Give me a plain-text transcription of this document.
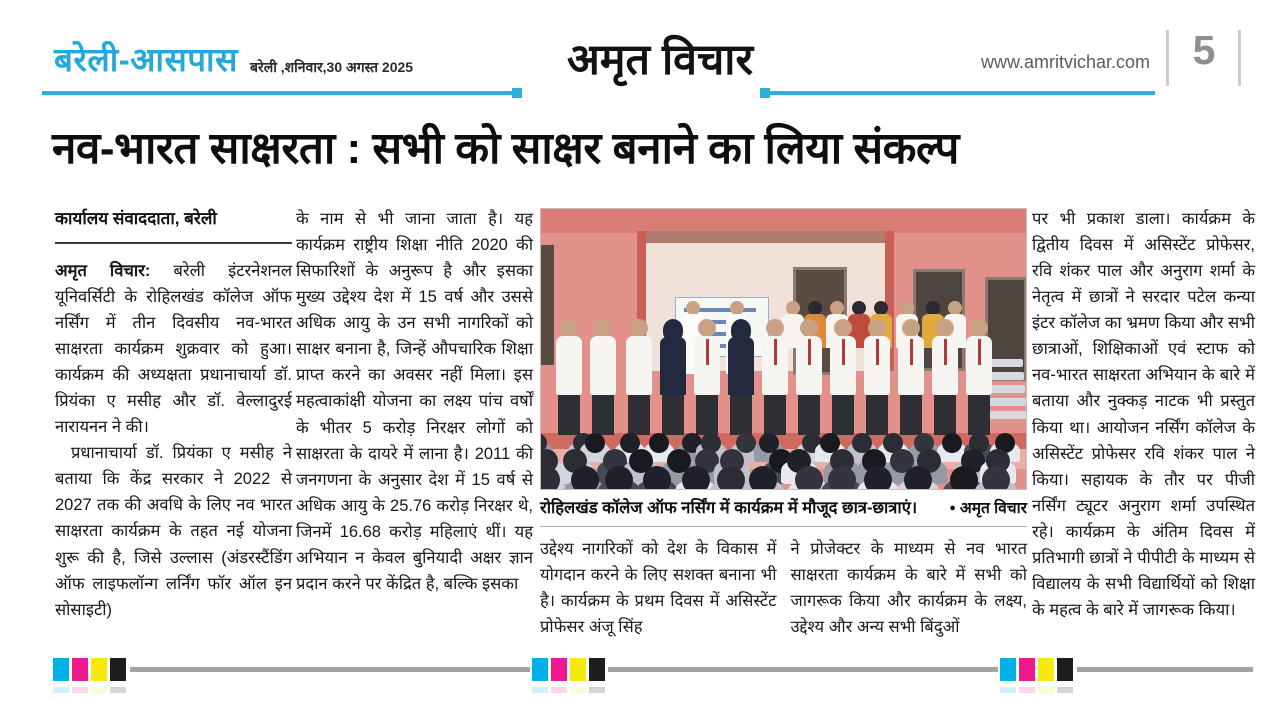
बरेली-आसपास बरेली ,शनिवार,30 अगस्त 2025	अमृत विचार	www.amritvichar.com	5
नव-भारत साक्षरता : सभी को साक्षर बनाने का लिया संकल्प
कार्यालय संवाददाता, बरेली

अमृत विचार: बरेली इंटरनेशनल यूनिवर्सिटी के रोहिलखंड कॉलेज ऑफ नर्सिंग में तीन दिवसीय नव-भारत साक्षरता कार्यक्रम शुक्रवार को हुआ। कार्यक्रम की अध्यक्षता प्रधानाचार्या डॉ. प्रियंका ए मसीह और डॉ. वेल्लादुरई नारायनन ने की।

प्रधानाचार्या डॉ. प्रियंका ए मसीह ने बताया कि केंद्र सरकार ने 2022 से 2027 तक की अवधि के लिए नव भारत साक्षरता कार्यक्रम के तहत नई योजना शुरू की है, जिसे उल्लास (अंडरस्टैंडिंग ऑफ लाइफलॉन्ग लर्निंग फॉर ऑल इन सोसाइटी)

के नाम से भी जाना जाता है। यह कार्यक्रम राष्ट्रीय शिक्षा नीति 2020 की सिफारिशों के अनुरूप है और इसका मुख्य उद्देश्य देश में 15 वर्ष और उससे अधिक आयु के उन सभी नागरिकों को साक्षर बनाना है, जिन्हें औपचारिक शिक्षा प्राप्त करने का अवसर नहीं मिला। इस महत्वाकांक्षी योजना का लक्ष्य पांच वर्षों के भीतर 5 करोड़ निरक्षर लोगों को साक्षरता के दायरे में लाना है। 2011 की जनगणना के अनुसार देश में 15 वर्ष से अधिक आयु के 25.76 करोड़ निरक्षर थे, जिनमें 16.68 करोड़ महिलाएं थीं। यह अभियान न केवल बुनियादी अक्षर ज्ञान प्रदान करने पर केंद्रित है, बल्कि इसका

रोहिलखंड कॉलेज ऑफ नर्सिंग में कार्यक्रम में मौजूद छात्र-छात्राएं।	● अमृत विचार

उद्देश्य नागरिकों को देश के विकास में योगदान करने के लिए सशक्त बनाना भी है। कार्यक्रम के प्रथम दिवस में असिस्टेंट प्रोफेसर अंजू सिंह

ने प्रोजेक्टर के माध्यम से नव भारत साक्षरता कार्यक्रम के बारे में सभी को जागरूक किया और कार्यक्रम के लक्ष्य, उद्देश्य और अन्य सभी बिंदुओं

पर भी प्रकाश डाला। कार्यक्रम के द्वितीय दिवस में असिस्टेंट प्रोफेसर, रवि शंकर पाल और अनुराग शर्मा के नेतृत्व में छात्रों ने सरदार पटेल कन्या इंटर कॉलेज का भ्रमण किया और सभी छात्राओं, शिक्षिकाओं एवं स्टाफ को नव-भारत साक्षरता अभियान के बारे में बताया और नुक्कड़ नाटक भी प्रस्तुत किया था। आयोजन नर्सिंग कॉलेज के असिस्टेंट प्रोफेसर रवि शंकर पाल ने किया। सहायक के तौर पर पीजी नर्सिंग ट्यूटर अनुराग शर्मा उपस्थित रहे। कार्यक्रम के अंतिम दिवस में प्रतिभागी छात्रों ने पीपीटी के माध्यम से विद्यालय के सभी विद्यार्थियों को शिक्षा के महत्व के बारे में जागरूक किया।
